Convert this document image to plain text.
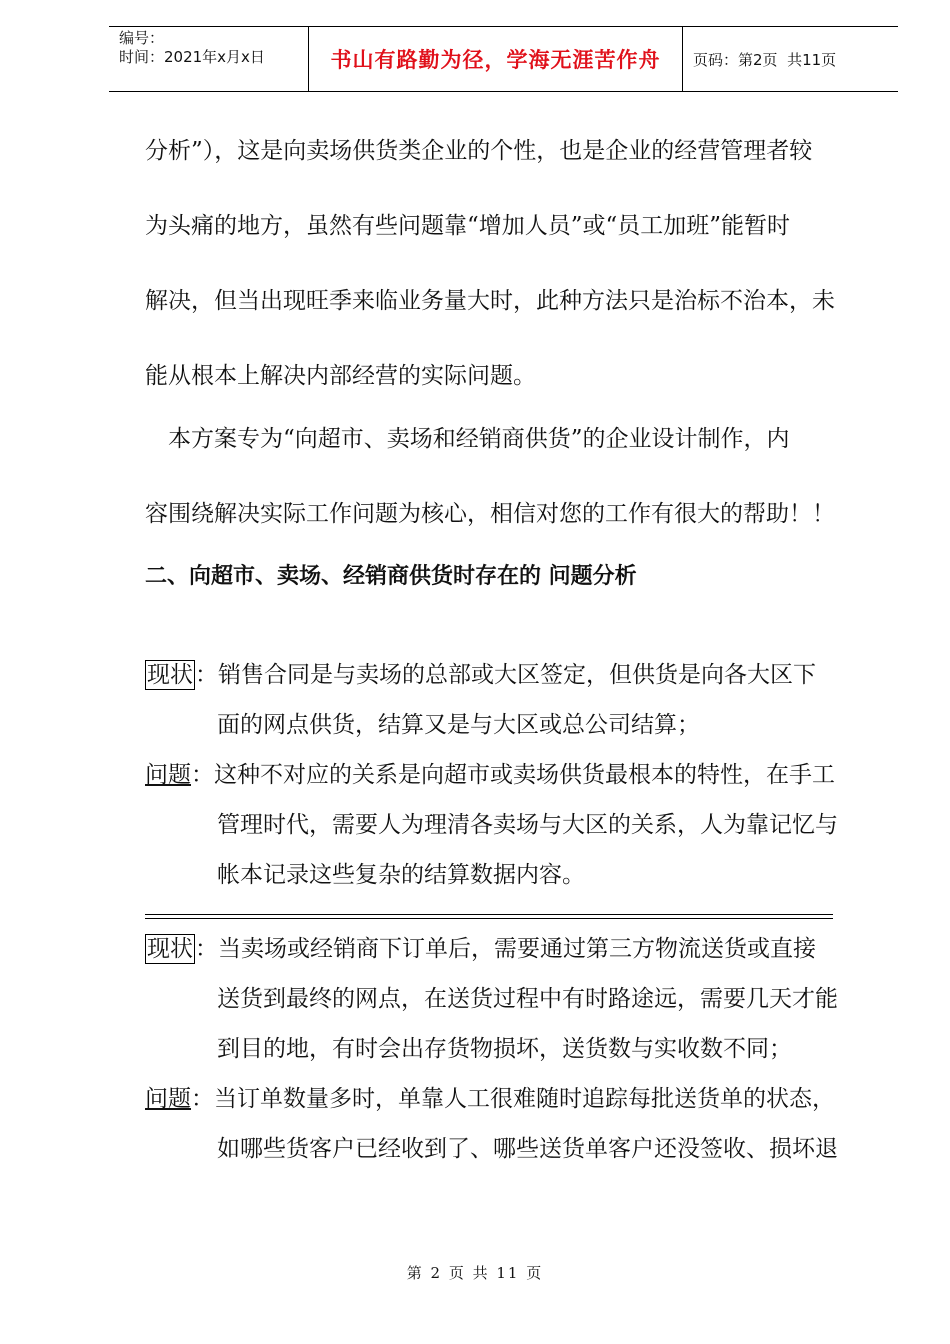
编号：
时间：2021年x月x日	书山有路勤为径，学海无涯苦作舟	页码：第2页  共11页
分析”），这是向卖场供货类企业的个性，也是企业的经营管理者较
为头痛的地方，虽然有些问题靠“增加人员”或“员工加班”能暂时
解决，但当出现旺季来临业务量大时，此种方法只是治标不治本，未
能从根本上解决内部经营的实际问题。
　本方案专为“向超市、卖场和经销商供货”的企业设计制作，内
容围绕解决实际工作问题为核心，相信对您的工作有很大的帮助！！
二、向超市、卖场、经销商供货时存在的 问题分析
现状 ： 销售合同是与卖场的总部或大区签定，但供货是向各大区下
面的网点供货，结算又是与大区或总公司结算；
问题 ： 这种不对应的关系是向超市或卖场供货最根本的特性，在手工
管理时代，需要人为理清各卖场与大区的关系，人为靠记忆与
帐本记录这些复杂的结算数据内容。
现状 ： 当卖场或经销商下订单后，需要通过第三方物流送货或直接
送货到最终的网点，在送货过程中有时路途远，需要几天才能
到目的地，有时会出存货物损坏，送货数与实收数不同；
问题 ： 当订单数量多时，单靠人工很难随时追踪每批送货单的状态，
如哪些货客户已经收到了、哪些送货单客户还没签收、损坏退
第 2 页 共 11 页
